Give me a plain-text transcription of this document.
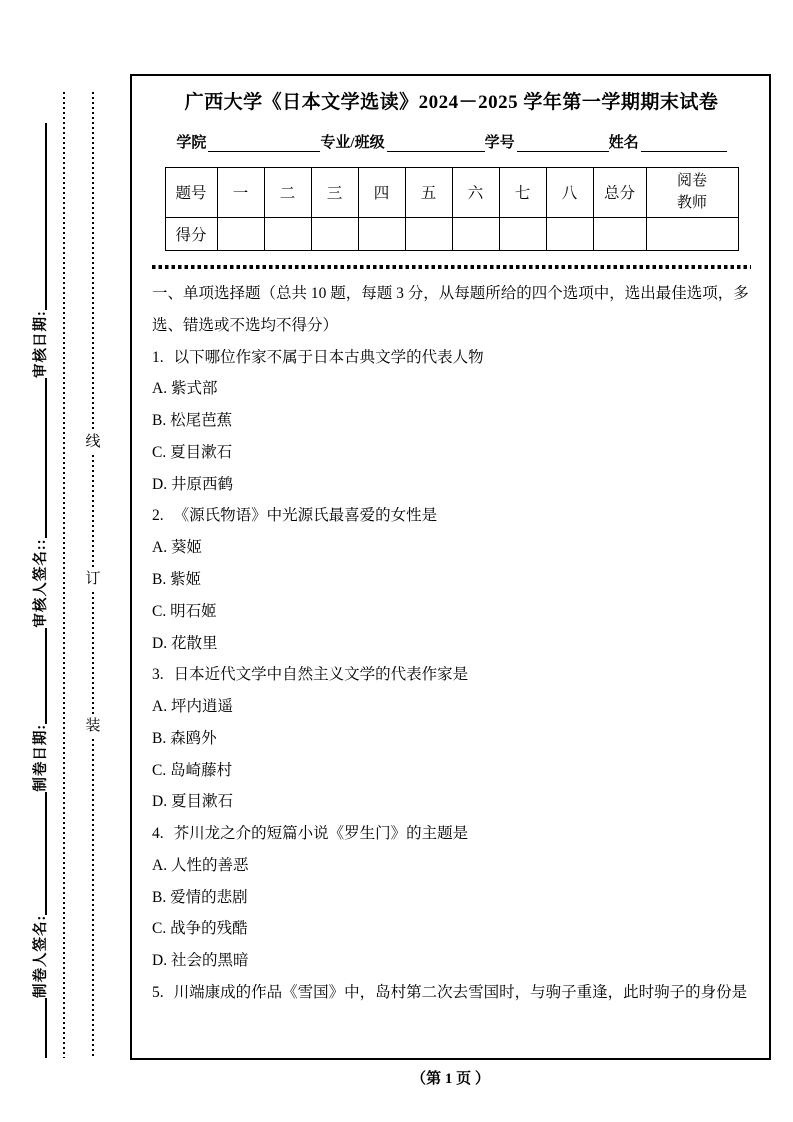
制卷人签名:
制卷日期:
审核人签名::
审核日期:
线
订
装
广西大学《日本文学选读》2024－2025 学年第一学期期末试卷
学院	专业/班级	学号	姓名
题号	一	二	三	四	五	六	七	八	总分	阅卷教师
得分										
一、单项选择题（总共 10 题，每题 3 分，从每题所给的四个选项中，选出最佳选项，多选、错选或不选均不得分）
1. 以下哪位作家不属于日本古典文学的代表人物
A. 紫式部
B. 松尾芭蕉
C. 夏目漱石
D. 井原西鹤
2. 《源氏物语》中光源氏最喜爱的女性是
A. 葵姬
B. 紫姬
C. 明石姬
D. 花散里
3. 日本近代文学中自然主义文学的代表作家是
A. 坪内逍遥
B. 森鸥外
C. 岛崎藤村
D. 夏目漱石
4. 芥川龙之介的短篇小说《罗生门》的主题是
A. 人性的善恶
B. 爱情的悲剧
C. 战争的残酷
D. 社会的黑暗
5. 川端康成的作品《雪国》中，岛村第二次去雪国时，与驹子重逢，此时驹子的身份是
（第 1 页 ）
